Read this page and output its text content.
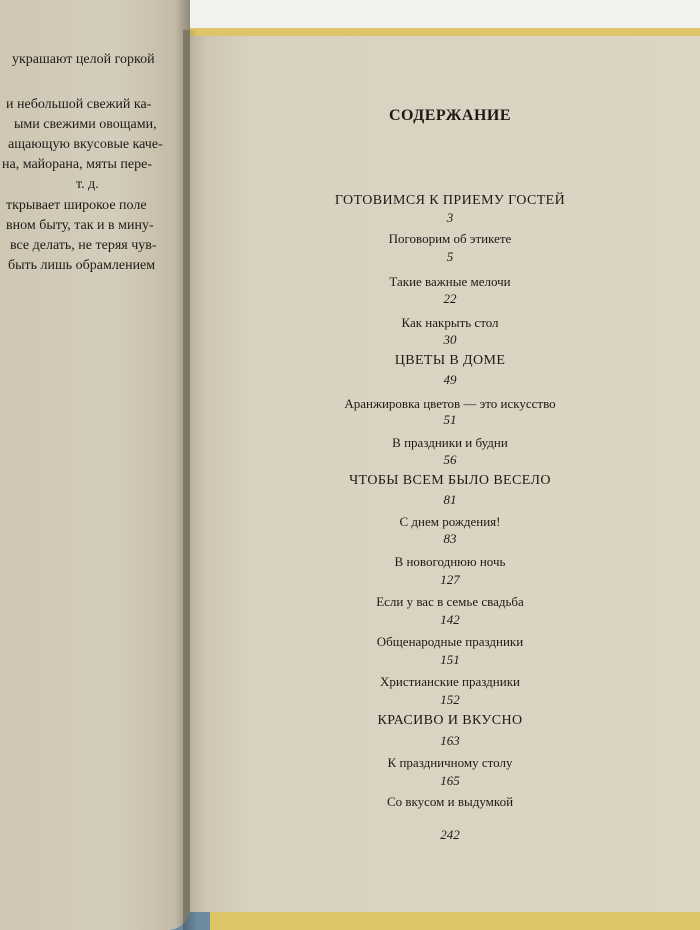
украшают целой горкой
и небольшой свежий ка-
ыми свежими овощами,
ащающую вкусовые каче-
на, майорана, мяты пере-
т. д.
ткрывает широкое поле
вном быту, так и в мину-
все делать, не теряя чув-
быть лишь обрамлением
СОДЕРЖАНИЕ
ГОТОВИМСЯ К ПРИЕМУ ГОСТЕЙ
3
Поговорим об этикете
5
Такие важные мелочи
22
Как накрыть стол
30
ЦВЕТЫ В ДОМЕ
49
Аранжировка цветов — это искусство
51
В праздники и будни
56
ЧТОБЫ ВСЕМ БЫЛО ВЕСЕЛО
81
С днем рождения!
83
В новогоднюю ночь
127
Если у вас в семье свадьба
142
Общенародные праздники
151
Христианские праздники
152
КРАСИВО И ВКУСНО
163
К праздничному столу
165
Со вкусом и выдумкой
242
